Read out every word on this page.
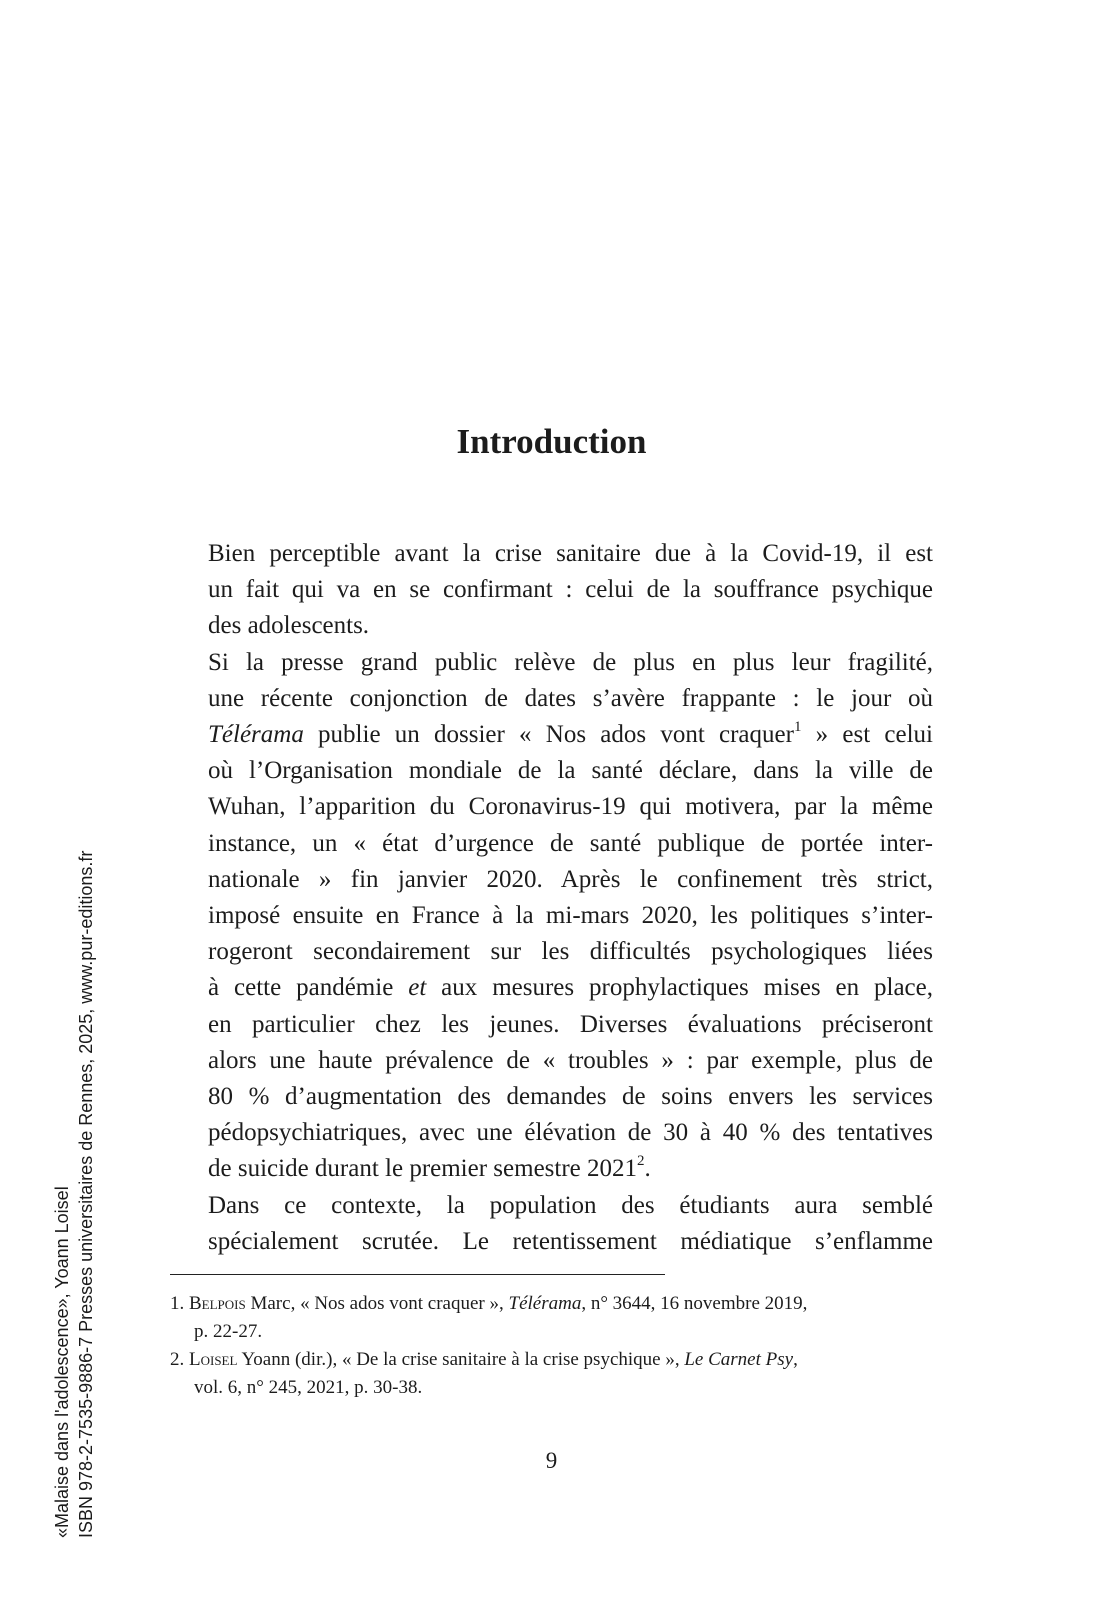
«Malaise dans l'adolescence», Yoann Loisel ISBN 978-2-7535-9886-7 Presses universitaires de Rennes, 2025, www.pur-editions.fr
Introduction

Bien perceptible avant la crise sanitaire due à la Covid-19, il est
un fait qui va en se confirmant : celui de la souffrance psychique
des adolescents.

Si la presse grand public relève de plus en plus leur fragilité,
une récente conjonction de dates s’avère frappante : le jour où
Télérama publie un dossier « Nos ados vont craquer$^1$ » est celui
où l’Organisation mondiale de la santé déclare, dans la ville de
Wuhan, l’apparition du Coronavirus-19 qui motivera, par la même
instance, un « état d’urgence de santé publique de portée inter-
nationale » fin janvier 2020. Après le confinement très strict,
imposé ensuite en France à la mi-mars 2020, les politiques s’inter-
rogeront secondairement sur les difficultés psychologiques liées
à cette pandémie et aux mesures prophylactiques mises en place,
en particulier chez les jeunes. Diverses évaluations préciseront
alors une haute prévalence de « troubles » : par exemple, plus de
80 % d’augmentation des demandes de soins envers les services
pédopsychiatriques, avec une élévation de 30 à 40 % des tentatives
de suicide durant le premier semestre 2021$^2$.

Dans ce contexte, la population des étudiants aura semblé
spécialement scrutée. Le retentissement médiatique s’enflamme

1. Belpois Marc, « Nos ados vont craquer », Télérama, n° 3644, 16 novembre 2019,
p. 22-27.
2. Loisel Yoann (dir.), « De la crise sanitaire à la crise psychique », Le Carnet Psy,
vol. 6, n° 245, 2021, p. 30-38.
9
